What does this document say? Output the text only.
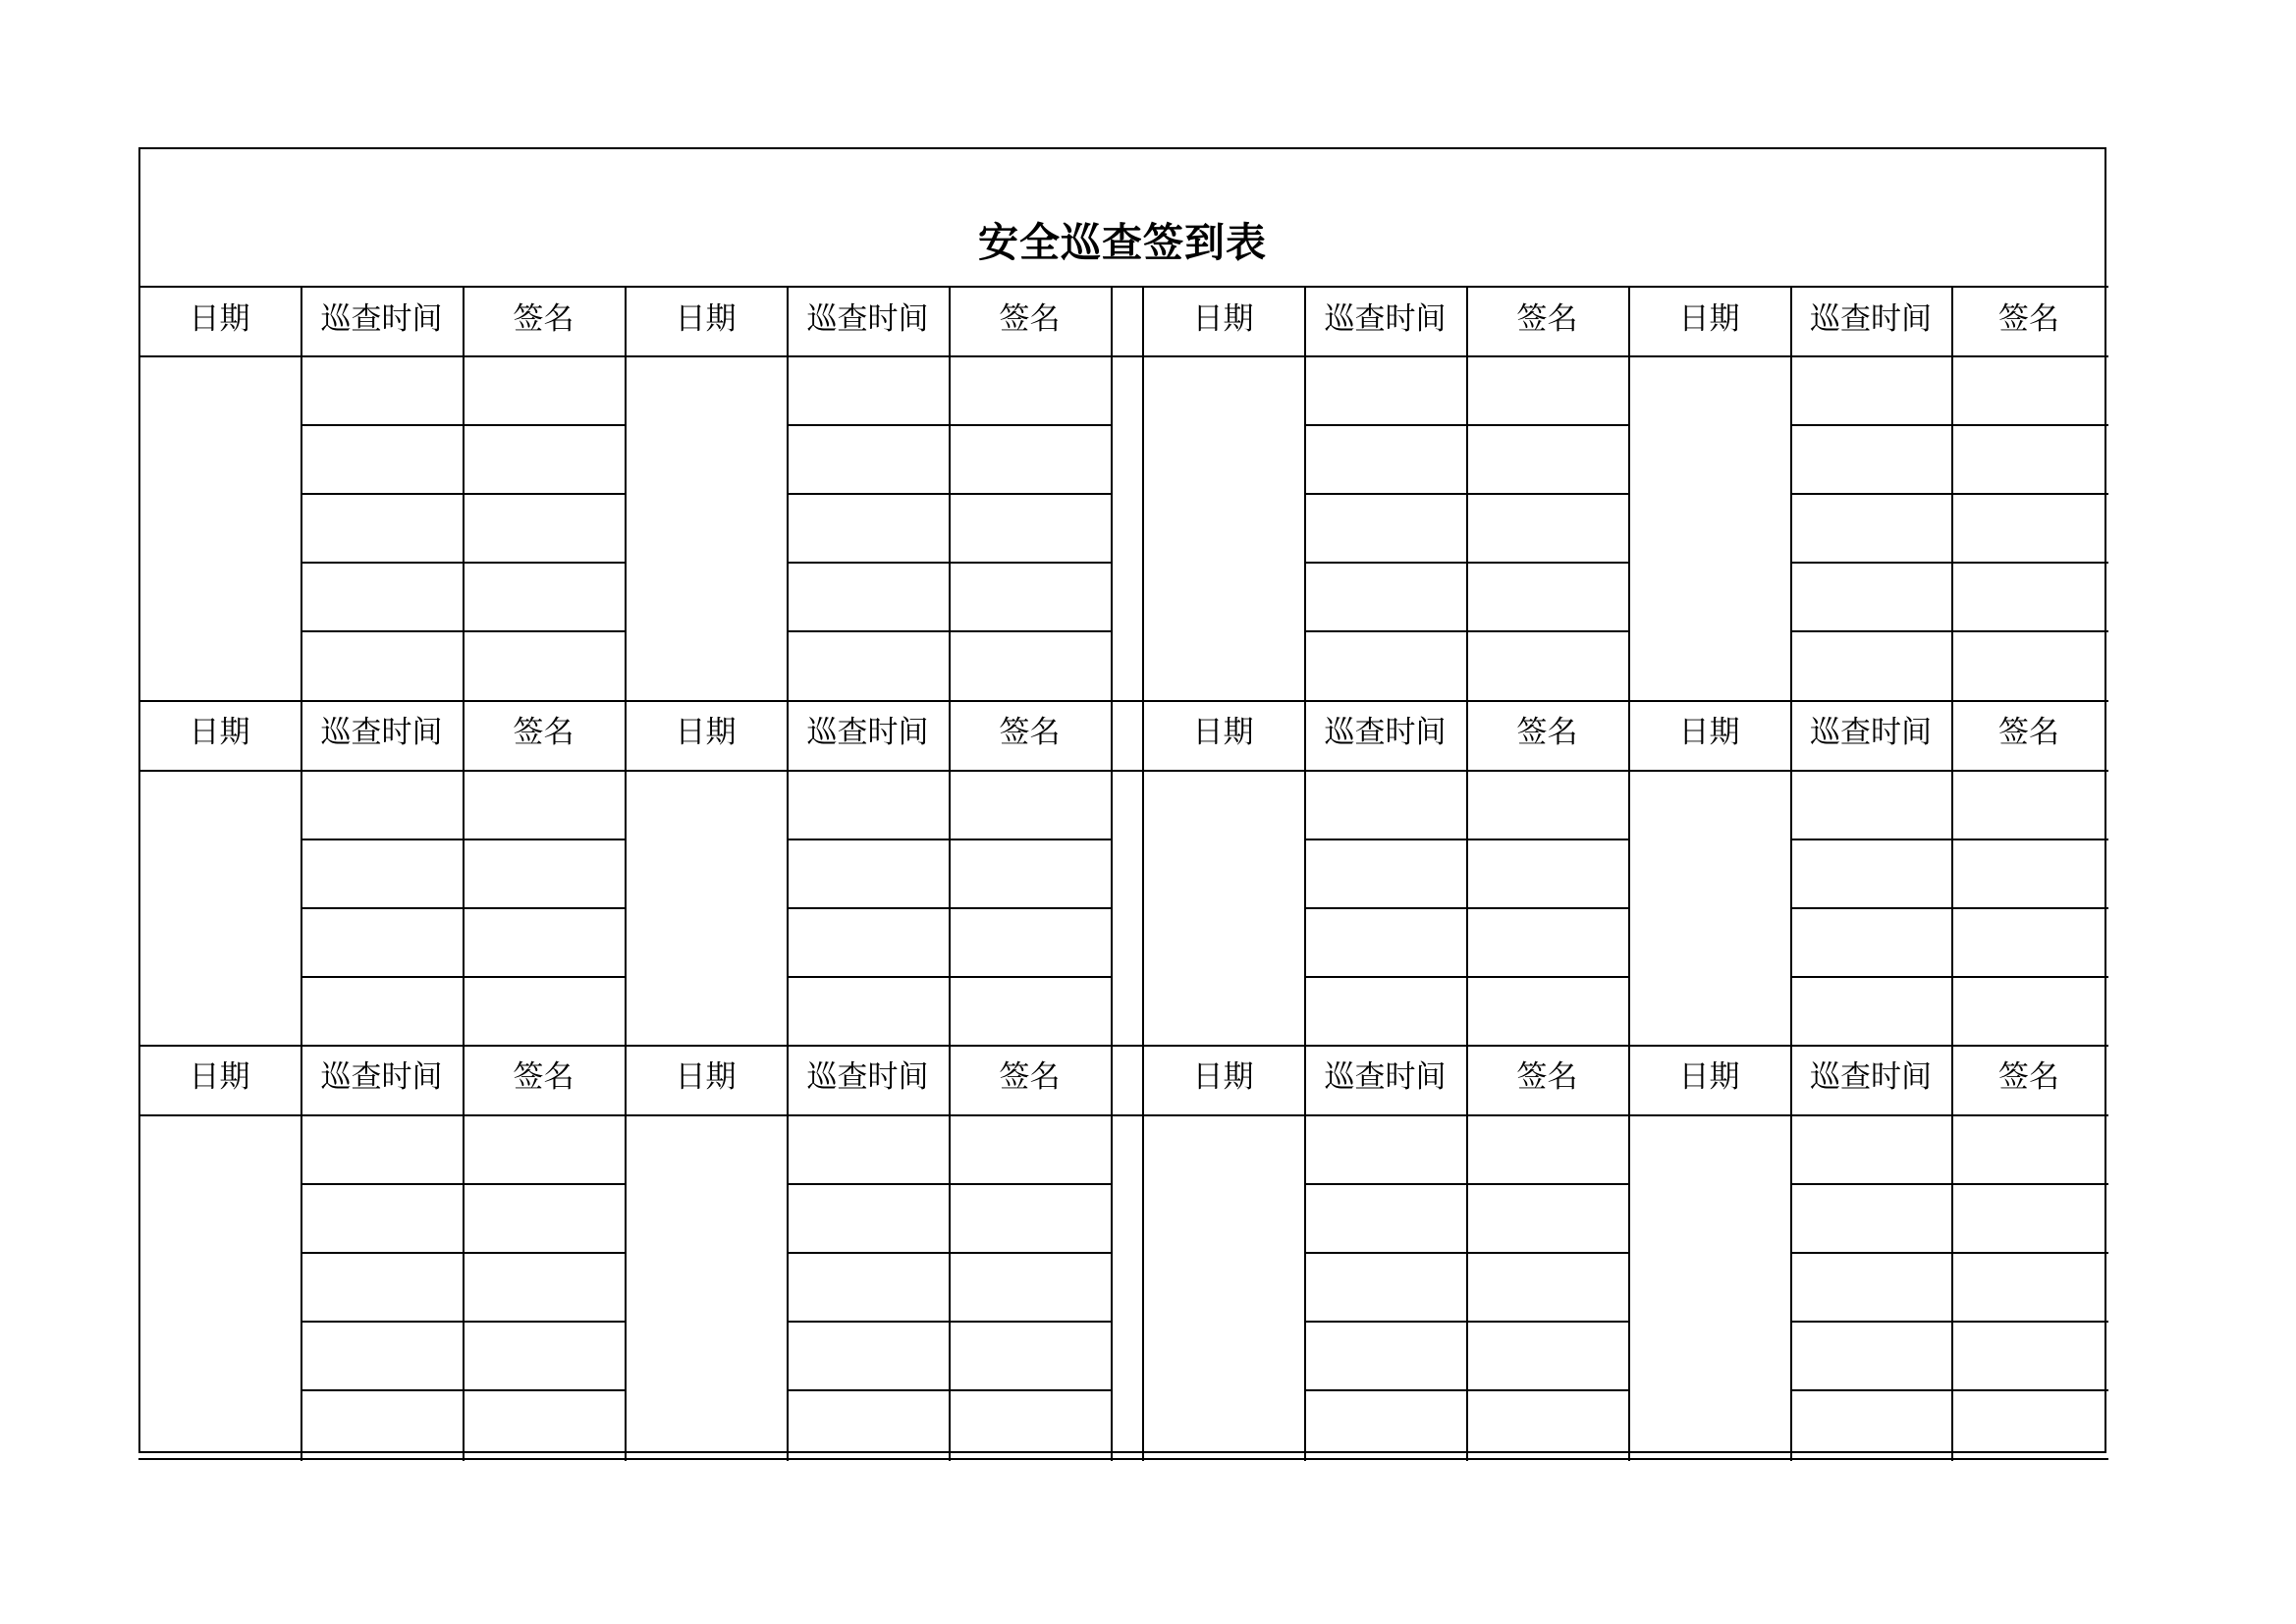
安全巡查签到表
日期	巡查时间	签名	日期	巡查时间	签名	日期	巡查时间	签名	日期	巡查时间	签名
日期	巡查时间	签名	日期	巡查时间	签名	日期	巡查时间	签名	日期	巡查时间	签名
日期	巡查时间	签名	日期	巡查时间	签名	日期	巡查时间	签名	日期	巡查时间	签名
